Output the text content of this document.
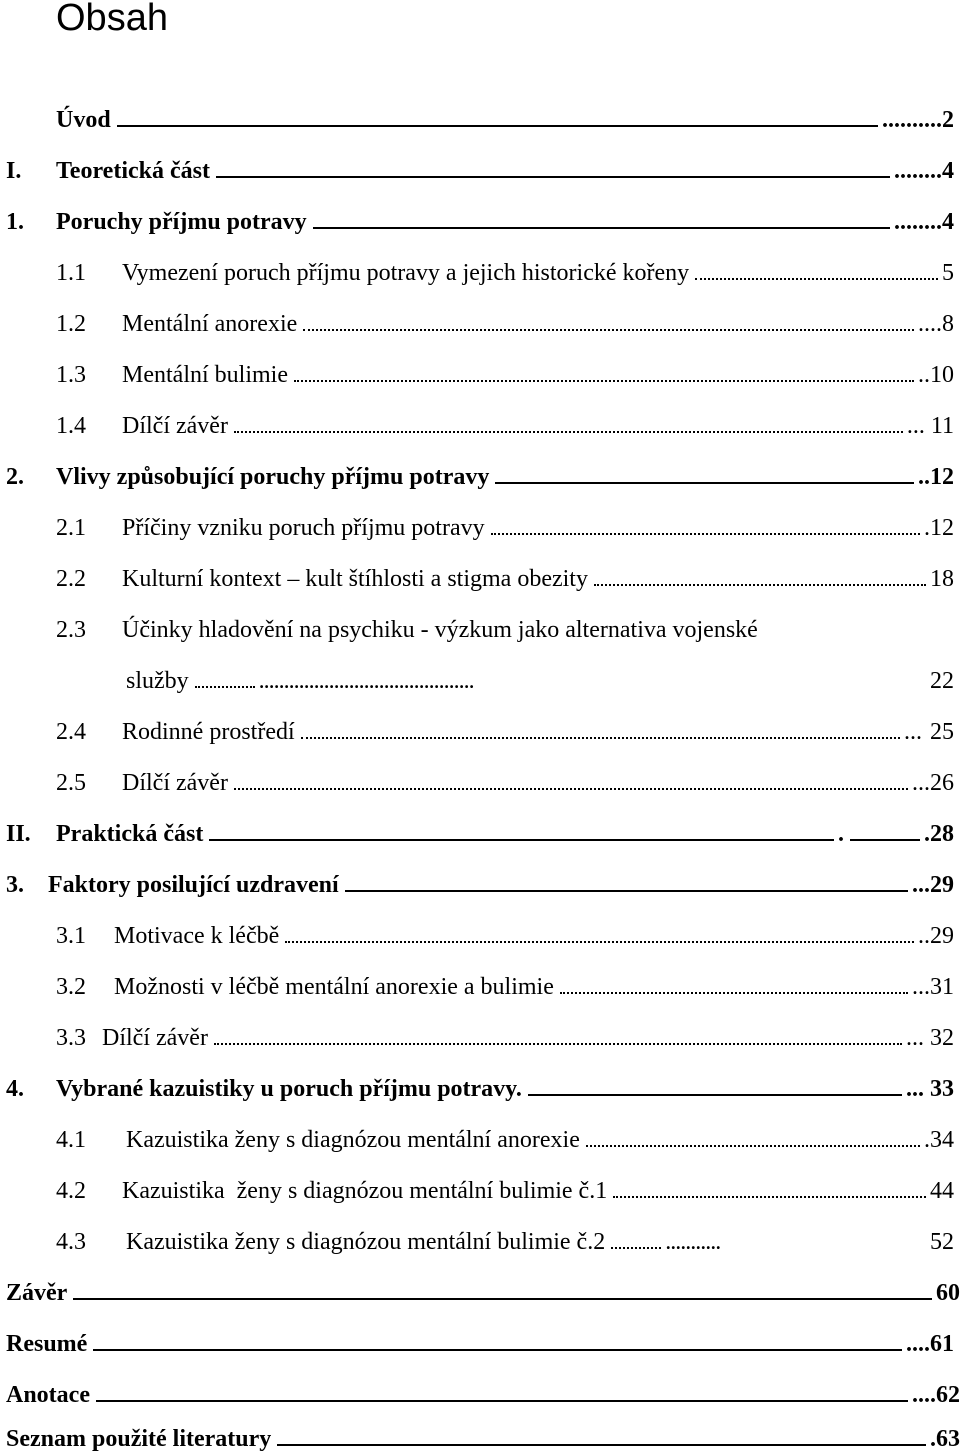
Obsah
Úvod	.......... 2
I.	Teoretická část	........ 4
1.	Poruchy příjmu potravy	........ 4
1.1	Vymezení poruch příjmu potravy a jejich historické kořeny	5
1.2	Mentální anorexie	.... 8
1.3	Mentální bulimie	.. 10
1.4	Dílčí závěr	... 11
2.	Vlivy způsobující poruchy příjmu potravy	.. 12
2.1	Příčiny vzniku poruch příjmu potravy	. 12
2.2	Kulturní kontext – kult štíhlosti a stigma obezity	18
2.3	Účinky hladovění na psychiku - výzkum jako alternativa vojenské
služby	...........................................	22
2.4	Rodinné prostředí	... 25
2.5	Dílčí závěr	... 26
II.	Praktická část	.	.28
3.	Faktory posilující uzdravení	... 29
3.1	Motivace k léčbě	.. 29
3.2	Možnosti v léčbě mentální anorexie a bulimie	... 31
3.3 Dílčí závěr	... 32
4.	Vybrané kazuistiky u poruch příjmu potravy.	... 33
4.1	Kazuistika ženy s diagnózou mentální anorexie	. 34
4.2	Kazuistika  ženy s diagnózou mentální bulimie č.1	44
4.3	Kazuistika ženy s diagnózou mentální bulimie č.2	...........	52
Závěr	60
Resumé	.... 61
Anotace	.... 62
Seznam použité literatury	.63
